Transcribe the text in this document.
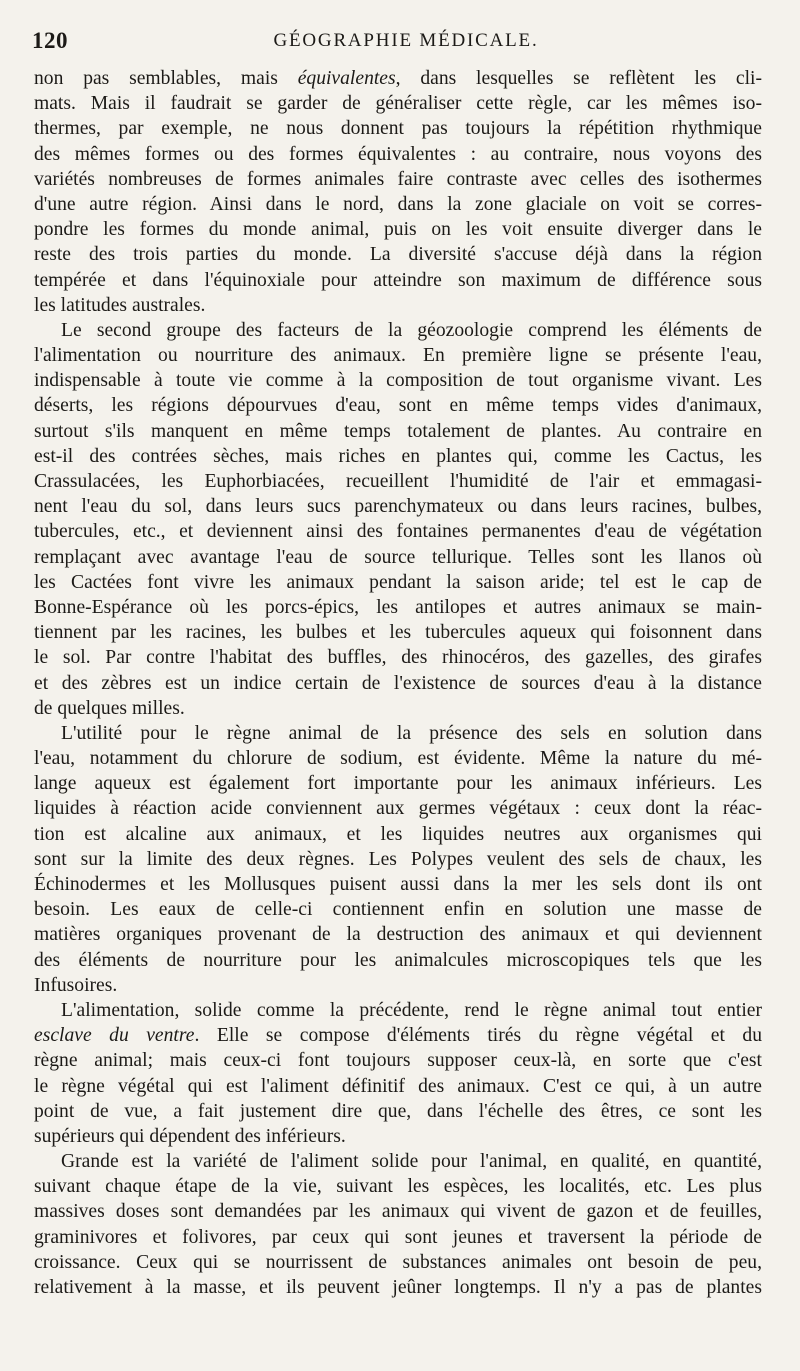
120	GÉOGRAPHIE MÉDICALE.
non pas semblables, mais équivalentes, dans lesquelles se reflètent les cli-
mats. Mais il faudrait se garder de généraliser cette règle, car les mêmes iso-
thermes, par exemple, ne nous donnent pas toujours la répétition rhythmique
des mêmes formes ou des formes équivalentes : au contraire, nous voyons des
variétés nombreuses de formes animales faire contraste avec celles des isothermes
d'une autre région. Ainsi dans le nord, dans la zone glaciale on voit se corres-
pondre les formes du monde animal, puis on les voit ensuite diverger dans le
reste des trois parties du monde. La diversité s'accuse déjà dans la région
tempérée et dans l'équinoxiale pour atteindre son maximum de différence sous
les latitudes australes.
Le second groupe des facteurs de la géozoologie comprend les éléments de
l'alimentation ou nourriture des animaux. En première ligne se présente l'eau,
indispensable à toute vie comme à la composition de tout organisme vivant. Les
déserts, les régions dépourvues d'eau, sont en même temps vides d'animaux,
surtout s'ils manquent en même temps totalement de plantes. Au contraire en
est-il des contrées sèches, mais riches en plantes qui, comme les Cactus, les
Crassulacées, les Euphorbiacées, recueillent l'humidité de l'air et emmagasi-
nent l'eau du sol, dans leurs sucs parenchymateux ou dans leurs racines, bulbes,
tubercules, etc., et deviennent ainsi des fontaines permanentes d'eau de végétation
remplaçant avec avantage l'eau de source tellurique. Telles sont les llanos où
les Cactées font vivre les animaux pendant la saison aride; tel est le cap de
Bonne-Espérance où les porcs-épics, les antilopes et autres animaux se main-
tiennent par les racines, les bulbes et les tubercules aqueux qui foisonnent dans
le sol. Par contre l'habitat des buffles, des rhinocéros, des gazelles, des girafes
et des zèbres est un indice certain de l'existence de sources d'eau à la distance
de quelques milles.
L'utilité pour le règne animal de la présence des sels en solution dans
l'eau, notamment du chlorure de sodium, est évidente. Même la nature du mé-
lange aqueux est également fort importante pour les animaux inférieurs. Les
liquides à réaction acide conviennent aux germes végétaux : ceux dont la réac-
tion est alcaline aux animaux, et les liquides neutres aux organismes qui
sont sur la limite des deux règnes. Les Polypes veulent des sels de chaux, les
Échinodermes et les Mollusques puisent aussi dans la mer les sels dont ils ont
besoin. Les eaux de celle-ci contiennent enfin en solution une masse de
matières organiques provenant de la destruction des animaux et qui deviennent
des éléments de nourriture pour les animalcules microscopiques tels que les
Infusoires.
L'alimentation, solide comme la précédente, rend le règne animal tout entier
esclave du ventre. Elle se compose d'éléments tirés du règne végétal et du
règne animal; mais ceux-ci font toujours supposer ceux-là, en sorte que c'est
le règne végétal qui est l'aliment définitif des animaux. C'est ce qui, à un autre
point de vue, a fait justement dire que, dans l'échelle des êtres, ce sont les
supérieurs qui dépendent des inférieurs.
Grande est la variété de l'aliment solide pour l'animal, en qualité, en quantité,
suivant chaque étape de la vie, suivant les espèces, les localités, etc. Les plus
massives doses sont demandées par les animaux qui vivent de gazon et de feuilles,
graminivores et folivores, par ceux qui sont jeunes et traversent la période de
croissance. Ceux qui se nourrissent de substances animales ont besoin de peu,
relativement à la masse, et ils peuvent jeûner longtemps. Il n'y a pas de plantes
